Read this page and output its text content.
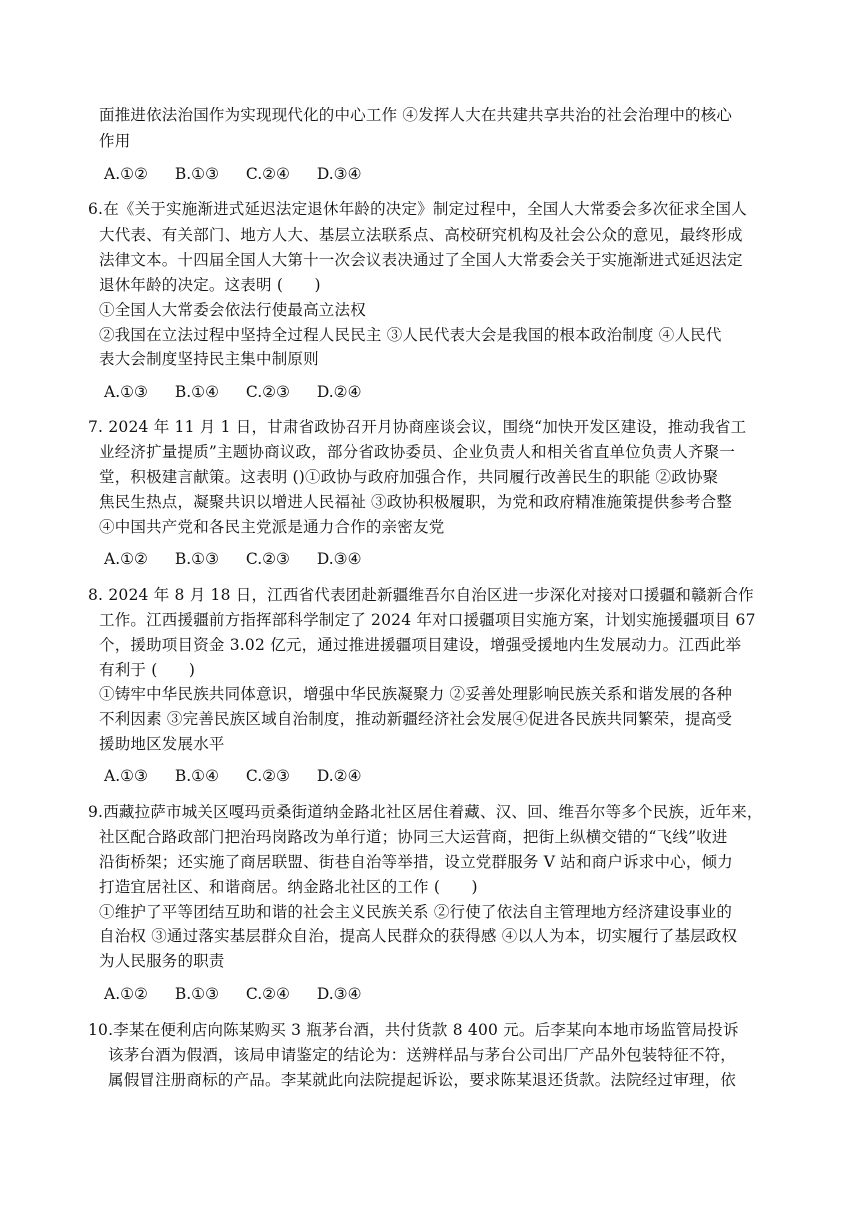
面推进依法治国作为实现现代化的中心工作 ④发挥人大在共建共享共治的社会治理中的核心
作用
A.①② B.①③ C.②④ D.③④
6.在《关于实施渐进式延迟法定退休年龄的决定》制定过程中，全国人大常委会多次征求全国人
大代表、有关部门、地方人大、基层立法联系点、高校研究机构及社会公众的意见，最终形成
法律文本。十四届全国人大第十一次会议表决通过了全国人大常委会关于实施渐进式延迟法定
退休年龄的决定。这表明 (　　)
①全国人大常委会依法行使最高立法权
②我国在立法过程中坚持全过程人民民主 ③人民代表大会是我国的根本政治制度 ④人民代
表大会制度坚持民主集中制原则
A.①③ B.①④ C.②③ D.②④
7. 2024 年 11 月 1 日，甘肃省政协召开月协商座谈会议，围绕“加快开发区建设，推动我省工
业经济扩量提质”主题协商议政，部分省政协委员、企业负责人和相关省直单位负责人齐聚一
堂，积极建言献策。这表明 ()①政协与政府加强合作，共同履行改善民生的职能 ②政协聚
焦民生热点，凝聚共识以增进人民福祉 ③政协积极履职，为党和政府精准施策提供参考合整
④中国共产党和各民主党派是通力合作的亲密友党
A.①② B.①③ C.②③ D.③④
8. 2024 年 8 月 18 日，江西省代表团赴新疆维吾尔自治区进一步深化对接对口援疆和赣新合作
工作。江西援疆前方指挥部科学制定了 2024 年对口援疆项目实施方案，计划实施援疆项目 67
个，援助项目资金 3.02 亿元，通过推进援疆项目建设，增强受援地内生发展动力。江西此举
有利于 (　　)
①铸牢中华民族共同体意识，增强中华民族凝聚力 ②妥善处理影响民族关系和谐发展的各种
不利因素 ③完善民族区域自治制度，推动新疆经济社会发展④促进各民族共同繁荣，提高受
援助地区发展水平
A.①③ B.①④ C.②③ D.②④
9.西藏拉萨市城关区嘎玛贡桑街道纳金路北社区居住着藏、汉、回、维吾尔等多个民族，近年来，
社区配合路政部门把治玛岗路改为单行道；协同三大运营商，把街上纵横交错的“飞线”收进
沿街桥架；还实施了商居联盟、街巷自治等举措，设立党群服务 V 站和商户诉求中心，倾力
打造宜居社区、和谐商居。纳金路北社区的工作 (　　)
①维护了平等团结互助和谐的社会主义民族关系 ②行使了依法自主管理地方经济建设事业的
自治权 ③通过落实基层群众自治，提高人民群众的获得感 ④以人为本，切实履行了基层政权
为人民服务的职责
A.①② B.①③ C.②④ D.③④
10.李某在便利店向陈某购买 3 瓶茅台酒，共付货款 8 400 元。后李某向本地市场监管局投诉
该茅台酒为假酒，该局申请鉴定的结论为：送辨样品与茅台公司出厂产品外包装特征不符，
属假冒注册商标的产品。李某就此向法院提起诉讼，要求陈某退还货款。法院经过审理，依
